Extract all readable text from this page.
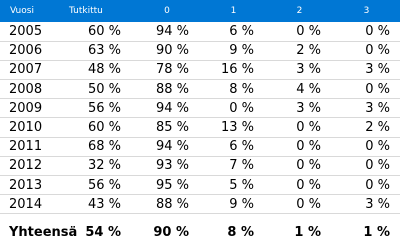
Vuosi	Tutkittu	0	1	2	3
2005	60 %	94 %	6 %	0 %	0 %
2006	63 %	90 %	9 %	2 %	0 %
2007	48 %	78 %	16 %	3 %	3 %
2008	50 %	88 %	8 %	4 %	0 %
2009	56 %	94 %	0 %	3 %	3 %
2010	60 %	85 %	13 %	0 %	2 %
2011	68 %	94 %	6 %	0 %	0 %
2012	32 %	93 %	7 %	0 %	0 %
2013	56 %	95 %	5 %	0 %	0 %
2014	43 %	88 %	9 %	0 %	3 %
Yhteensä	54 %	90 %	8 %	1 %	1 %
